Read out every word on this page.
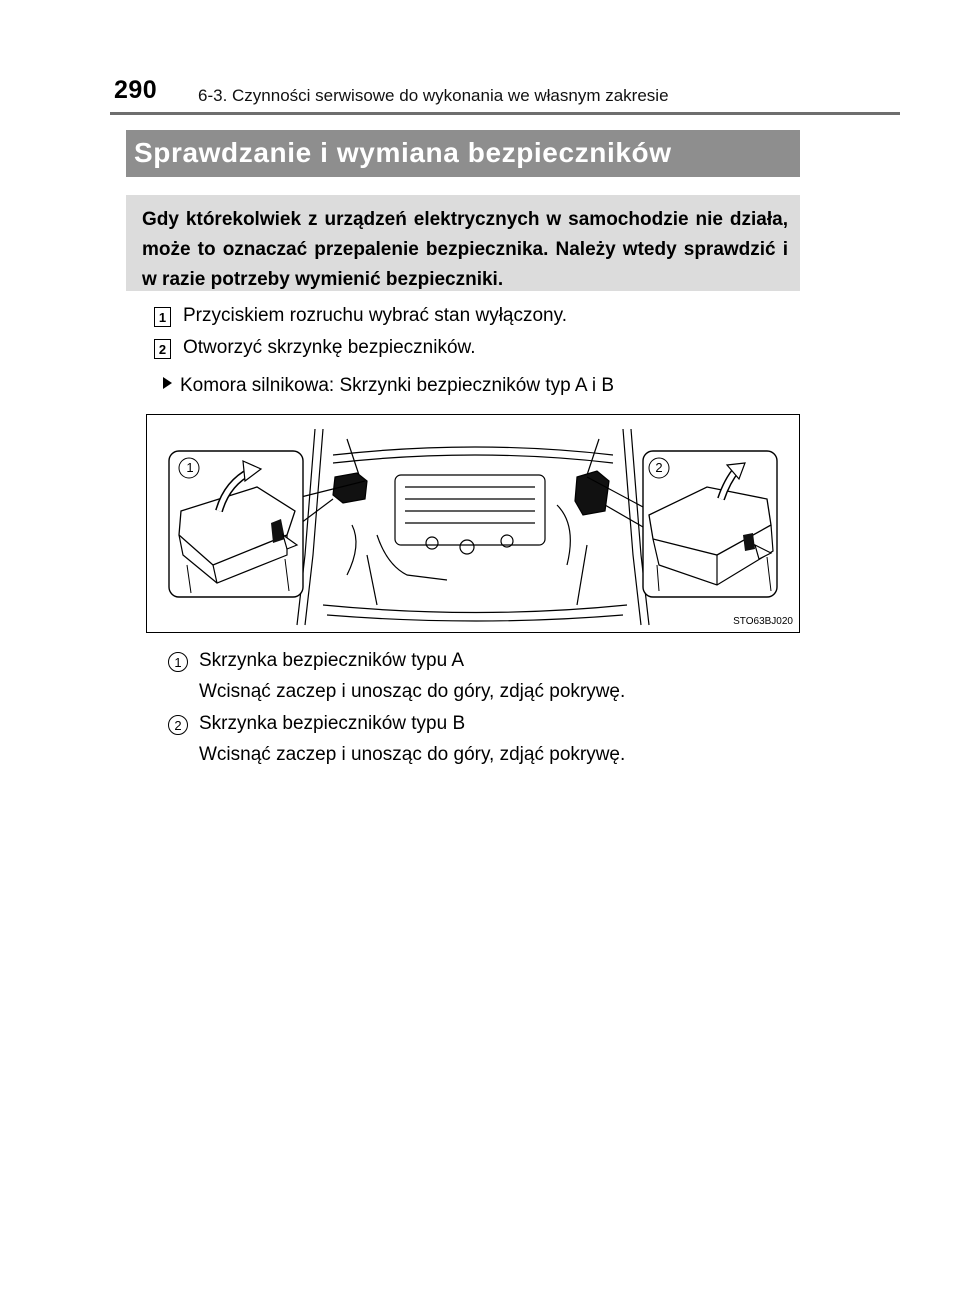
290 6-3. Czynności serwisowe do wykonania we własnym zakresie
Sprawdzanie i wymiana bezpieczników
Gdy którekolwiek z urządzeń elektrycznych w samochodzie nie działa, może to oznaczać przepalenie bezpiecznika. Należy wtedy sprawdzić i w razie potrzeby wymienić bezpieczniki.
1 Przyciskiem rozruchu wybrać stan wyłączony.
2 Otworzyć skrzynkę bezpieczników.
Komora silnikowa: Skrzynki bezpieczników typ A i B
1	2
STO63BJ020
1 Skrzynka bezpieczników typu A
Wcisnąć zaczep i unosząc do góry, zdjąć pokrywę.
2 Skrzynka bezpieczników typu B
Wcisnąć zaczep i unosząc do góry, zdjąć pokrywę.
